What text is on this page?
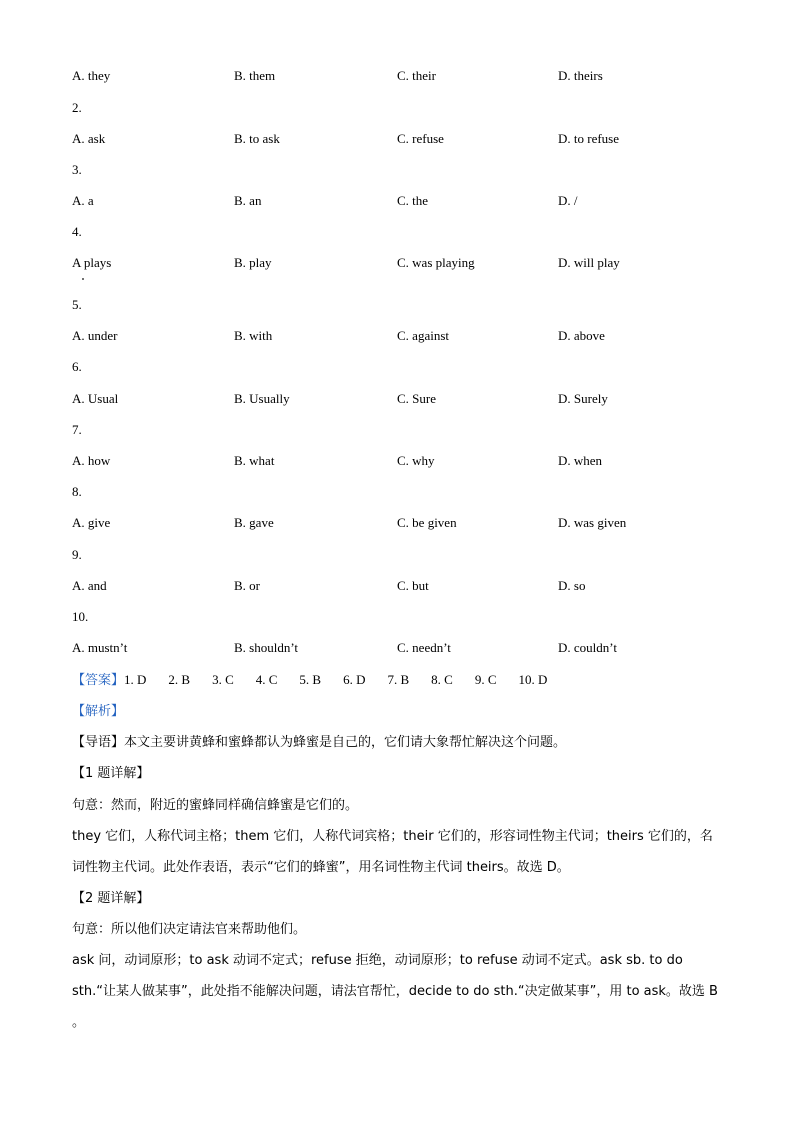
A. they	B. them	C. their	D. theirs
2.
A. ask	B. to ask	C. refuse	D. to refuse
3.
A. a	B. an	C. the	D. /
4.
A plays	B. play	C. was playing	D. will play
5.
A. under	B. with	C. against	D. above
6.
A. Usual	B. Usually	C. Sure	D. Surely
7.
A. how	B. what	C. why	D. when
8.
A. give	B. gave	C. be given	D. was given
9.
A. and	B. or	C. but	D. so
10.
A. mustn’t	B. shouldn’t	C. needn’t	D. couldn’t
【答案】1. D 2. B 3. C 4. C 5. B 6. D 7. B 8. C 9. C 10. D
【解析】
【导语】本文主要讲黄蜂和蜜蜂都认为蜂蜜是自己的，它们请大象帮忙解决这个问题。
【1 题详解】
句意：然而，附近的蜜蜂同样确信蜂蜜是它们的。
they 它们，人称代词主格；them 它们，人称代词宾格；their 它们的，形容词性物主代词；theirs 它们的，名词性物主代词。此处作表语，表示“它们的蜂蜜”，用名词性物主代词 theirs。故选 D。
【2 题详解】
句意：所以他们决定请法官来帮助他们。
ask 问，动词原形；to ask 动词不定式；refuse 拒绝，动词原形；to refuse 动词不定式。ask sb. to do sth.“让某人做某事”，此处指不能解决问题，请法官帮忙，decide to do sth.“决定做某事”，用 to ask。故选 B 。
